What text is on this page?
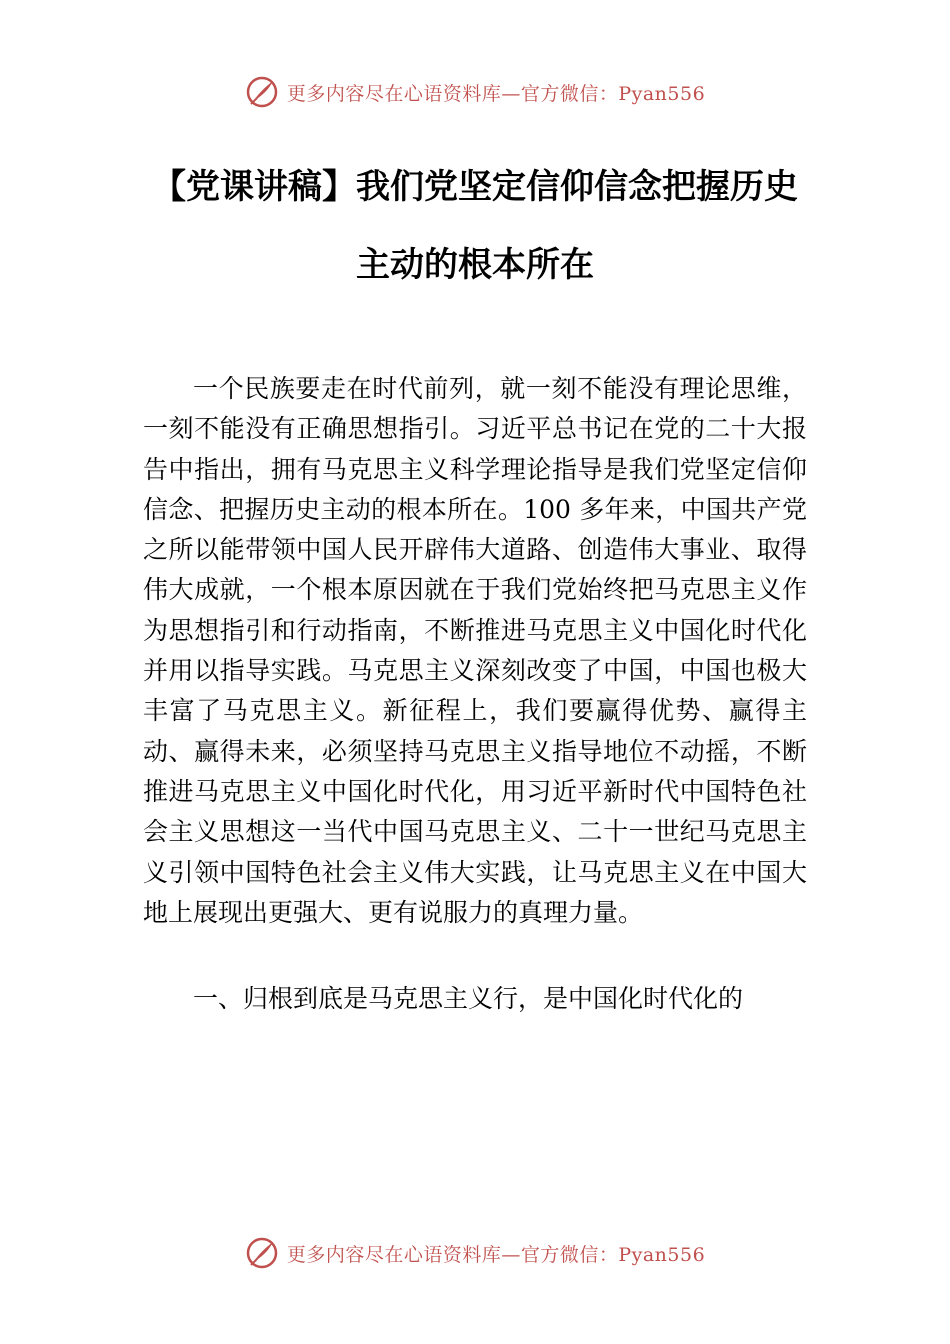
更多内容尽在心语资料库—官方微信：Pyan556
【党课讲稿】我们党坚定信仰信念把握历史
主动的根本所在

一个民族要走在时代前列，就一刻不能没有理论思维，一刻不能没有正确思想指引。习近平总书记在党的二十大报告中指出，拥有马克思主义科学理论指导是我们党坚定信仰信念、把握历史主动的根本所在。100 多年来，中国共产党之所以能带领中国人民开辟伟大道路、创造伟大事业、取得伟大成就，一个根本原因就在于我们党始终把马克思主义作为思想指引和行动指南，不断推进马克思主义中国化时代化并用以指导实践。马克思主义深刻改变了中国，中国也极大丰富了马克思主义。新征程上，我们要赢得优势、赢得主动、赢得未来，必须坚持马克思主义指导地位不动摇，不断推进马克思主义中国化时代化，用习近平新时代中国特色社会主义思想这一当代中国马克思主义、二十一世纪马克思主义引领中国特色社会主义伟大实践，让马克思主义在中国大地上展现出更强大、更有说服力的真理力量。

一、归根到底是马克思主义行，是中国化时代化的

更多内容尽在心语资料库—官方微信：Pyan556
